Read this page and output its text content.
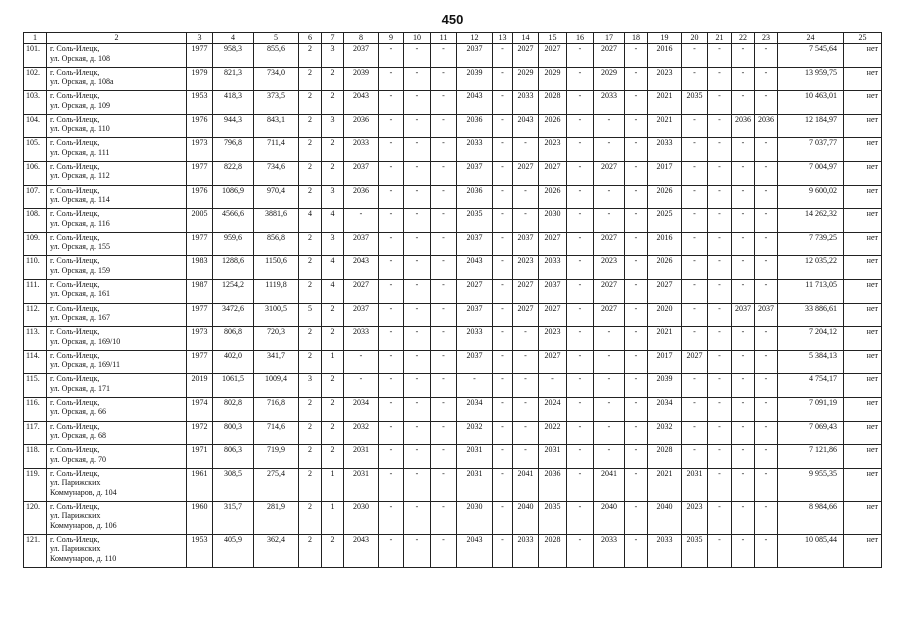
450
1	2	3	4	5	6	7	8	9	10	11	12	13	14	15	16	17	18	19	20	21	22	23	24	25
101.	г. Соль-Илецк,
ул. Орская, д. 108	1977	958,3	855,6	2	3	2037	-	-	-	2037	-	2027	2027	-	2027	-	2016	-	-	-	-	7 545,64	нет
102.	г. Соль-Илецк,
ул. Орская, д. 108а	1979	821,3	734,0	2	2	2039	-	-	-	2039	-	2029	2029	-	2029	-	2023	-	-	-	-	13 959,75	нет
103.	г. Соль-Илецк,
ул. Орская, д. 109	1953	418,3	373,5	2	2	2043	-	-	-	2043	-	2033	2028	-	2033	-	2021	2035	-	-	-	10 463,01	нет
104.	г. Соль-Илецк,
ул. Орская, д. 110	1976	944,3	843,1	2	3	2036	-	-	-	2036	-	2043	2026	-	-	-	2021	-	-	2036	2036	12 184,97	нет
105.	г. Соль-Илецк,
ул. Орская, д. 111	1973	796,8	711,4	2	2	2033	-	-	-	2033	-	-	2023	-	-	-	2033	-	-	-	-	7 037,77	нет
106.	г. Соль-Илецк,
ул. Орская, д. 112	1977	822,8	734,6	2	2	2037	-	-	-	2037	-	2027	2027	-	2027	-	2017	-	-	-	-	7 004,97	нет
107.	г. Соль-Илецк,
ул. Орская, д. 114	1976	1086,9	970,4	2	3	2036	-	-	-	2036	-	-	2026	-	-	-	2026	-	-	-	-	9 600,02	нет
108.	г. Соль-Илецк,
ул. Орская, д. 116	2005	4566,6	3881,6	4	4	-	-	-	-	2035	-	-	2030	-	-	-	2025	-	-	-	-	14 262,32	нет
109.	г. Соль-Илецк,
ул. Орская, д. 155	1977	959,6	856,8	2	3	2037	-	-	-	2037	-	2037	2027	-	2027	-	2016	-	-	-	-	7 739,25	нет
110.	г. Соль-Илецк,
ул. Орская, д. 159	1983	1288,6	1150,6	2	4	2043	-	-	-	2043	-	2023	2033	-	2023	-	2026	-	-	-	-	12 035,22	нет
111.	г. Соль-Илецк,
ул. Орская, д. 161	1987	1254,2	1119,8	2	4	2027	-	-	-	2027	-	2027	2037	-	2027	-	2027	-	-	-	-	11 713,05	нет
112.	г. Соль-Илецк,
ул. Орская, д. 167	1977	3472,6	3100,5	5	2	2037	-	-	-	2037	-	2027	2027	-	2027	-	2020	-	-	2037	2037	33 886,61	нет
113.	г. Соль-Илецк,
ул. Орская, д. 169/10	1973	806,8	720,3	2	2	2033	-	-	-	2033	-	-	2023	-	-	-	2021	-	-	-	-	7 204,12	нет
114.	г. Соль-Илецк,
ул. Орская, д. 169/11	1977	402,0	341,7	2	1	-	-	-	-	2037	-	-	2027	-	-	-	2017	2027	-	-	-	5 384,13	нет
115.	г. Соль-Илецк,
ул. Орская, д. 171	2019	1061,5	1009,4	3	2	-	-	-	-	-	-	-	-	-	-	-	2039	-	-	-	-	4 754,17	нет
116.	г. Соль-Илецк,
ул. Орская, д. 66	1974	802,8	716,8	2	2	2034	-	-	-	2034	-	-	2024	-	-	-	2034	-	-	-	-	7 091,19	нет
117.	г. Соль-Илецк,
ул. Орская, д. 68	1972	800,3	714,6	2	2	2032	-	-	-	2032	-	-	2022	-	-	-	2032	-	-	-	-	7 069,43	нет
118.	г. Соль-Илецк,
ул. Орская, д. 70	1971	806,3	719,9	2	2	2031	-	-	-	2031	-	-	2031	-	-	-	2028	-	-	-	-	7 121,86	нет
119.	г. Соль-Илецк,
ул. Парижских
Коммунаров, д. 104	1961	308,5	275,4	2	1	2031	-	-	-	2031	-	2041	2036	-	2041	-	2021	2031	-	-	-	9 955,35	нет
120.	г. Соль-Илецк,
ул. Парижских
Коммунаров, д. 106	1960	315,7	281,9	2	1	2030	-	-	-	2030	-	2040	2035	-	2040	-	2040	2023	-	-	-	8 984,66	нет
121.	г. Соль-Илецк,
ул. Парижских
Коммунаров, д. 110	1953	405,9	362,4	2	2	2043	-	-	-	2043	-	2033	2028	-	2033	-	2033	2035	-	-	-	10 085,44	нет
